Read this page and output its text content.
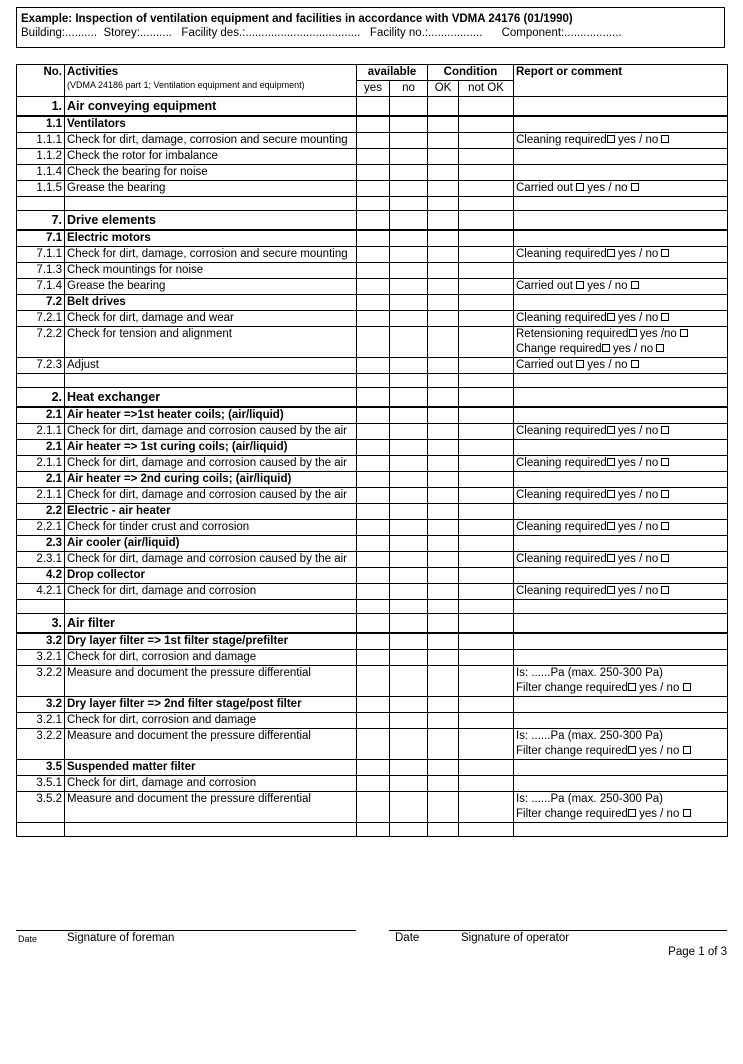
Example: Inspection of ventilation equipment and facilities in accordance with VDMA 24176 (01/1990)
Building:..........  Storey:..........   Facility des.:....................................   Facility no.:.................      Component:..................
No.	Activities
(VDMA 24186 part 1; Ventilation equipment and equipment)	available		Condition		Report or comment
		yes	no	OK	not OK	
1.	Air conveying equipment					
1.1	Ventilators					
1.1.1	Check for dirt, damage, corrosion and secure mounting					Cleaning required yes / no

1.1.2	Check the rotor for imbalance					
1.1.4	Check the bearing for noise					
1.1.5	Grease the bearing					Carried out  yes / no

7.	Drive elements					
7.1	Electric motors					
7.1.1	Check for dirt, damage, corrosion and secure mounting					Cleaning required yes / no

7.1.3	Check mountings for noise					
7.1.4	Grease the bearing					Carried out  yes / no

7.2	Belt drives					
7.2.1	Check for dirt, damage and wear					Cleaning required yes / no

7.2.2	Check for tension and alignment					Retensioning required yes /no
Change required yes / no

7.2.3	Adjust					Carried out  yes / no

2.	Heat exchanger					
2.1	Air heater =>1st heater coils; (air/liquid)					
2.1.1	Check for dirt, damage and corrosion caused by the air					Cleaning required yes / no

2.1	Air heater => 1st curing coils; (air/liquid)					
2.1.1	Check for dirt, damage and corrosion caused by the air					Cleaning required yes / no

2.1	Air heater => 2nd curing coils; (air/liquid)					
2.1.1	Check for dirt, damage and corrosion caused by the air					Cleaning required yes / no

2.2	Electric - air heater					
2.2.1	Check for tinder crust and corrosion					Cleaning required yes / no

2.3	Air cooler (air/liquid)					
2.3.1	Check for dirt, damage and corrosion caused by the air					Cleaning required yes / no

4.2	Drop collector					
4.2.1	Check for dirt, damage and corrosion					Cleaning required yes / no

3.	Air filter					
3.2	Dry layer filter => 1st filter stage/prefilter					
3.2.1	Check for dirt, corrosion and damage					
3.2.2	Measure and document the pressure differential					Is: ......Pa (max. 250-300 Pa)
Filter change required yes / no

3.2	Dry layer filter => 2nd filter stage/post filter					
3.2.1	Check for dirt, corrosion and damage					
3.2.2	Measure and document the pressure differential					Is: ......Pa (max. 250-300 Pa)
Filter change required yes / no

3.5	Suspended matter filter					
3.5.1	Check for dirt, damage and corrosion					
3.5.2	Measure and document the pressure differential					Is: ......Pa (max. 250-300 Pa)
Filter change required yes / no

Date	Signature of foreman	Date	Signature of operator
Page 1 of 3
